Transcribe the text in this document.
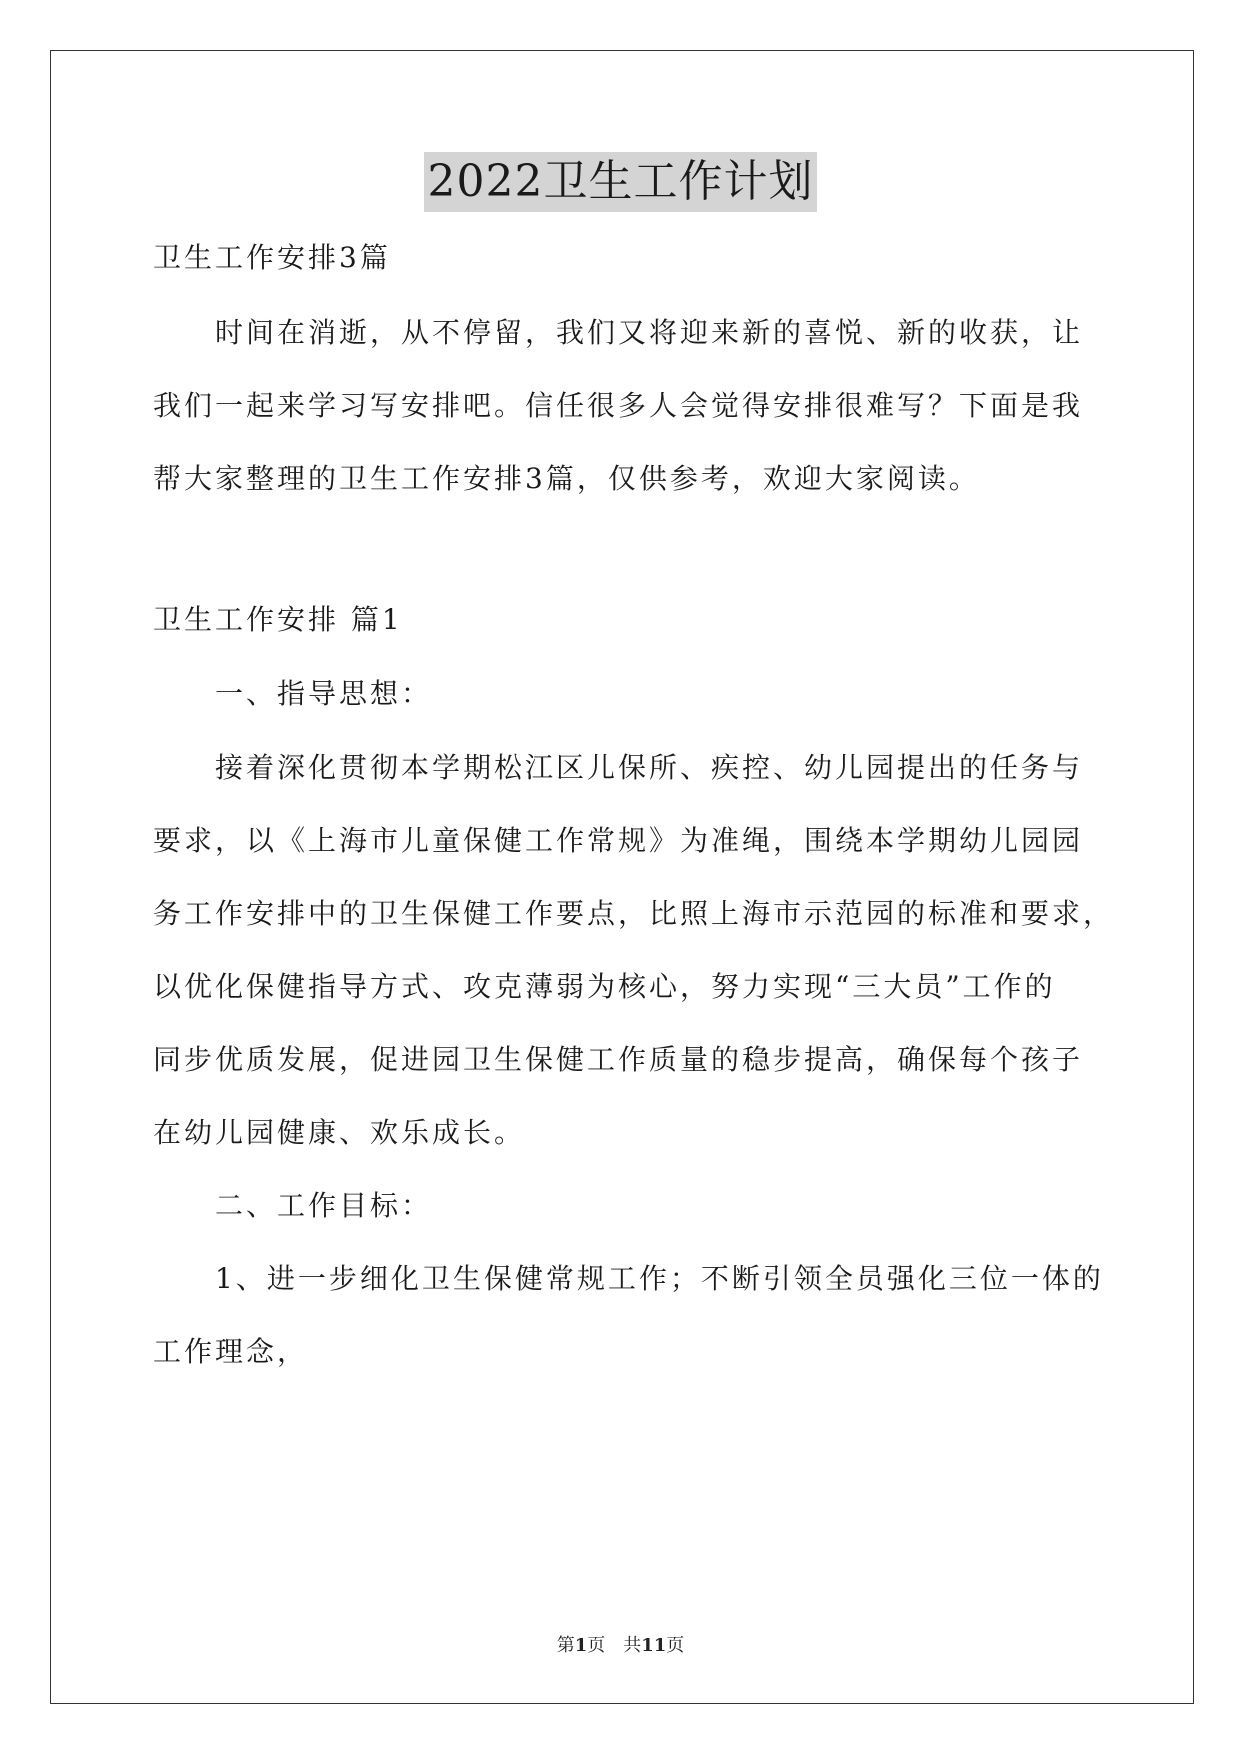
2022卫生工作计划
卫生工作安排3篇
时间在消逝，从不停留，我们又将迎来新的喜悦、新的收获，让
我们一起来学习写安排吧。信任很多人会觉得安排很难写？下面是我
帮大家整理的卫生工作安排3篇，仅供参考，欢迎大家阅读。
卫生工作安排 篇1
一、指导思想：
接着深化贯彻本学期松江区儿保所、疾控、幼儿园提出的任务与
要求，以《上海市儿童保健工作常规》为准绳，围绕本学期幼儿园园
务工作安排中的卫生保健工作要点，比照上海市示范园的标准和要求，
以优化保健指导方式、攻克薄弱为核心，努力实现“三大员”工作的
同步优质发展，促进园卫生保健工作质量的稳步提高，确保每个孩子
在幼儿园健康、欢乐成长。
二、工作目标：
1、进一步细化卫生保健常规工作；不断引领全员强化三位一体的
工作理念，
第1页　共11页
